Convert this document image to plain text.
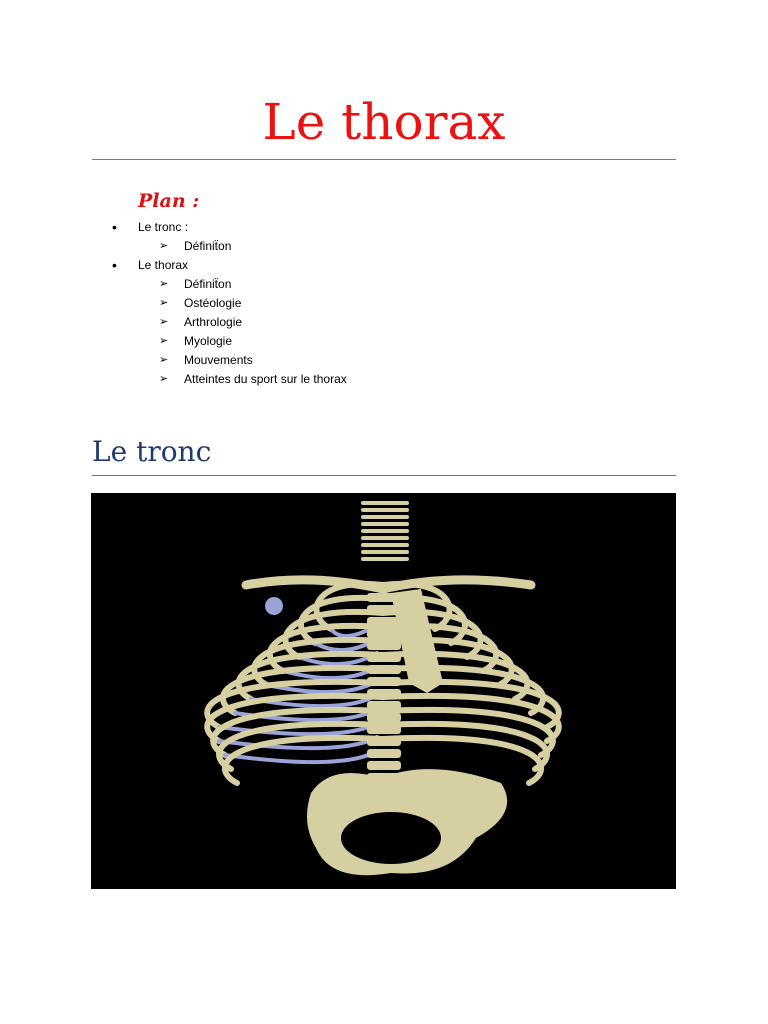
Le thorax
Plan :
• Le tronc :
➢ Définiẗon
• Le thorax
➢ Définiẗon
➢ Ostéologie
➢ Arthrologie
➢ Myologie
➢ Mouvements
➢ Atteintes du sport sur le thorax
Le tronc
